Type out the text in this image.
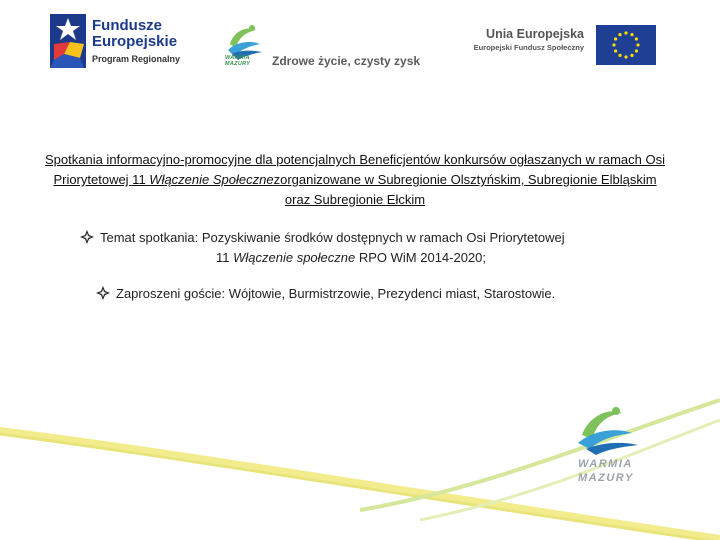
Fundusze
Europejskie
Program Regionalny	WARMIA
MAZURY Zdrowe życie, czysty zysk
Unia Europejska
Europejski Fundusz Społeczny
Spotkania informacyjno-promocyjne dla potencjalnych Beneficjentów konkursów ogłaszanych w ramach Osi Priorytetowej 11 Włączenie Społecznezorganizowane w Subregionie Olsztyńskim, Subregionie Elbląskim oraz Subregionie Ełckim
Temat spotkania: Pozyskiwanie środków dostępnych w ramach Osi Priorytetowej
11 Włączenie społeczne RPO WiM 2014-2020;
Zaproszeni goście: Wójtowie, Burmistrzowie, Prezydenci miast, Starostowie.
WARMIA
MAZURY
